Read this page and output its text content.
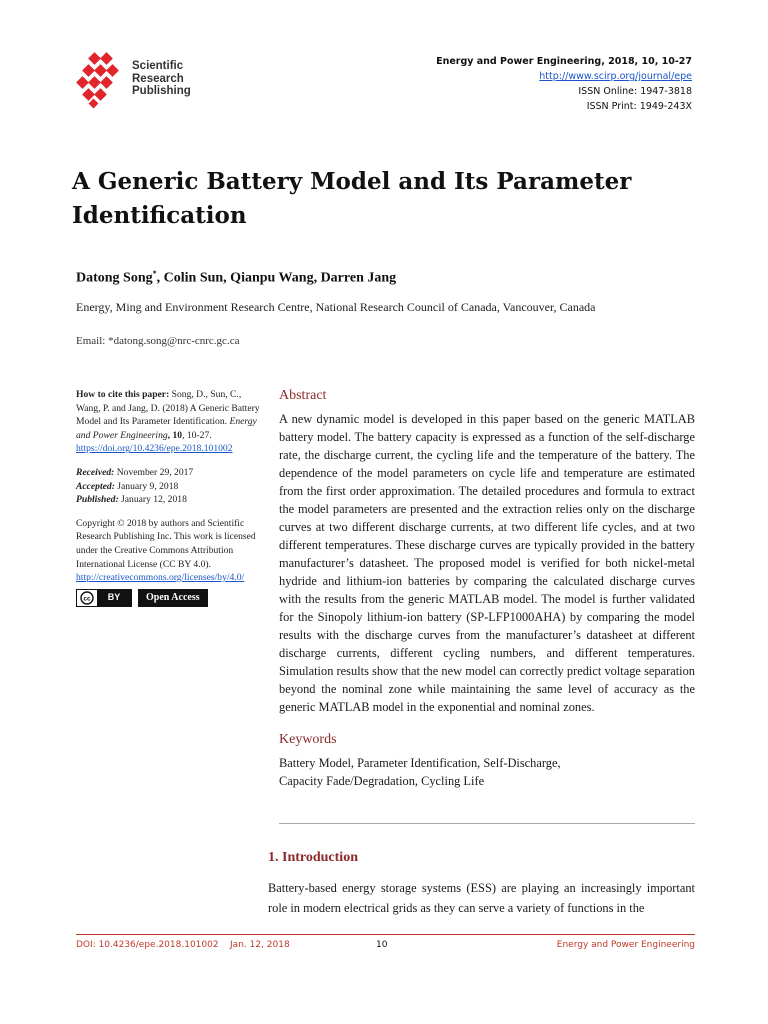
Scientific
Research
Publishing
Energy and Power Engineering, 2018, 10, 10-27
http://www.scirp.org/journal/epe
ISSN Online: 1947-3818
ISSN Print: 1949-243X
A Generic Battery Model and Its Parameter Identification
Datong Song*, Colin Sun, Qianpu Wang, Darren Jang
Energy, Ming and Environment Research Centre, National Research Council of Canada, Vancouver, Canada
Email: *datong.song@nrc-cnrc.gc.ca
How to cite this paper: Song, D., Sun, C., Wang, P. and Jang, D. (2018) A Generic Battery Model and Its Parameter Identification. Energy and Power Engineering, 10, 10-27.
https://doi.org/10.4236/epe.2018.101002
Received: November 29, 2017
Accepted: January 9, 2018
Published: January 12, 2018
Copyright © 2018 by authors and Scientific Research Publishing Inc. This work is licensed under the Creative Commons Attribution International License (CC BY 4.0).
http://creativecommons.org/licenses/by/4.0/
cc	BY	Open Access
Abstract
A new dynamic model is developed in this paper based on the generic MATLAB battery model. The battery capacity is expressed as a function of the self-discharge rate, the discharge current, the cycling life and the temperature of the battery. The dependence of the model parameters on cycle life and temperature are estimated from the first order approximation. The detailed procedures and formula to extract the model parameters are presented and the extraction relies only on the discharge curves at two different discharge currents, at two different life cycles, and at two different temperatures. These discharge curves are typically provided in the battery manufacturer’s datasheet. The proposed model is verified for both nickel-metal hydride and lithium-ion batteries by comparing the calculated discharge curves with the results from the generic MATLAB model. The model is further validated for the Sinopoly lithium-ion battery (SP-LFP1000AHA) by comparing the model results with the discharge curves from the manufacturer’s datasheet at different discharge currents, different cycling numbers, and different temperatures. Simulation results show that the new model can correctly predict voltage separation beyond the nominal zone while maintaining the same level of accuracy as the generic MATLAB model in the exponential and nominal zones.
Keywords
Battery Model, Parameter Identification, Self-Discharge,
Capacity Fade/Degradation, Cycling Life
1. Introduction
Battery-based energy storage systems (ESS) are playing an increasingly important role in modern electrical grids as they can serve a variety of functions in the
DOI: 10.4236/epe.2018.101002    Jan. 12, 2018	10	Energy and Power Engineering
